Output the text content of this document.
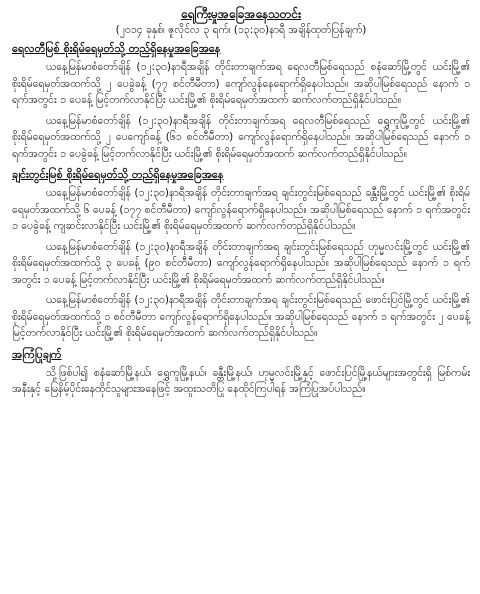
ရေကြီးမှုအခြေအနေသတင်း
(၂၀၁၄ ခုနှစ်၊ ဇူလိုင်လ ၃ ရက်၊ (၁၃:၃၀)နာရီ အချိန်ထုတ်ပြန်ချက်)
ရေလတီမြစ် စိုးရိမ်ရေမှတ်သို့ တည်ရှိနေမှုအခြေအနေ

ယနေ့မြန်မာစံတော်ချိန် (၁၂:၃၀)နာရီအချိန် တိုင်းတာချက်အရ ရေလတီမြစ်ရေသည် စနံဆော်မြို့တွင် ယင်းမြို့၏ စိုးရိမ်ရေမှတ်အထက်သို့ ၂ ပေခွဲခန့် (၇၇ စင်တီမီတာ) ကျော်လွန်နေရောက်ရှိနေပါသည်။ အဆိုပါမြစ်ရေသည် နောက် ၁ ရက်အတွင်း ၁ ပေခန့် မြင့်တက်လာနိုင်ပြီး ယင်းမြို့၏ စိုးရိမ်ရေမှတ်အထက် ဆက်လက်တည်ရှိနိုင်ပါသည်။

ယနေ့မြန်မာစံတော်ချိန် (၁၂:၃၀)နာရီအချိန် တိုင်းတာချက်အရ ရေလတီမြစ်ရေသည် ရွှေကူမြို့တွင် ယင်းမြို့၏ စိုးရိမ်ရေမှတ်အထက်သို့ ၂ ပေကျော်ခန့် (၆၁ စင်တီမီတာ) ကျော်လွန်ရောက်ရှိနေပါသည်။ အဆိုပါမြစ်ရေသည် နောက် ၁ ရက်အတွင်း ၁ ပေခွဲခန့် မြင့်တက်လာနိုင်ပြီး ယင်းမြို့၏ စိုးရိမ်ရေမှတ်အထက် ဆက်လက်တည်ရှိနိုင်ပါသည်။

ချင်းတွင်းမြစ် စိုးရိမ်ရေမှတ်သို့ တည်ရှိနေမှုအခြေအနေ

ယနေ့မြန်မာစံတော်ချိန် (၁၂:၃၀)နာရီအချိန် တိုင်းတာချက်အရ ချင်းတွင်းမြစ်ရေသည် ခန္တီးမြို့တွင် ယင်းမြို့၏ စိုးရိမ်ရေမှတ်အထက်သို့ ၆ ပေခန့် (၁၇၇ စင်တီမီတာ) ကျော်လွန်ရောက်ရှိနေပါသည်။ အဆိုပါမြစ်ရေသည် နောက် ၁ ရက်အတွင်း ၁ ပေခွဲခန့် ကျဆင်းလာနိုင်ပြီး ယင်းမြို့၏ စိုးရိမ်ရေမှတ်အထက် ဆက်လက်တည်ရှိနိုင်ပါသည်။

ယနေ့မြန်မာစံတော်ချိန် (၁၂:၃၀)နာရီအချိန် တိုင်းတာချက်အရ ချင်းတွင်းမြစ်ရေသည် ဟုမ္မလင်းမြို့တွင် ယင်းမြို့၏ စိုးရိမ်ရေမှတ်အထက်သို့ ၃ ပေခန့် (၉၀ စင်တီမီတာ) ကျော်လွန်ရောက်ရှိနေပါသည်။ အဆိုပါမြစ်ရေသည် နောက် ၁ ရက်အတွင်း ၁ ပေခန့် မြင့်တက်လာနိုင်ပြီး ယင်းမြို့၏ စိုးရိမ်ရေမှတ်အထက် ဆက်လက်တည်ရှိနိုင်ပါသည်။

ယနေ့မြန်မာစံတော်ချိန် (၁၂:၃၀)နာရီအချိန် တိုင်းတာချက်အရ ချင်းတွင်းမြစ်ရေသည် ဖောင်းပြင်မြို့တွင် ယင်းမြို့၏ စိုးရိမ်ရေမှတ်အထက်သို့ ၁ စင်တီမီတာ ကျော်လွန်ရောက်ရှိနေပါသည်။ အဆိုပါမြစ်ရေသည် နောက် ၁ ရက်အတွင်း ၂ ပေခန့် မြင့်တက်လာနိုင်ပြီး ယင်းမြို့၏ စိုးရိမ်ရေမှတ်အထက် ဆက်လက်တည်ရှိနိုင်ပါသည်။

အကြံပြုချက်

သို့ဖြစ်ပါ၍ စနံဆော်မြို့နယ်၊ ရွှေကူမြို့နယ်၊ ခန္တီးမြို့နယ်၊ ဟုမ္မလင်းမြို့နှင့် ဖောင်းပြင်မြို့နယ်များအတွင်းရှိ မြစ်ကမ်းအနီးနှင့် မြေနိမ့်ပိုင်းနေထိုင်သူများအနေဖြင့် အထူးသတိပြု နေထိုင်ကြပါရန် အကြံပြုအပ်ပါသည်။
